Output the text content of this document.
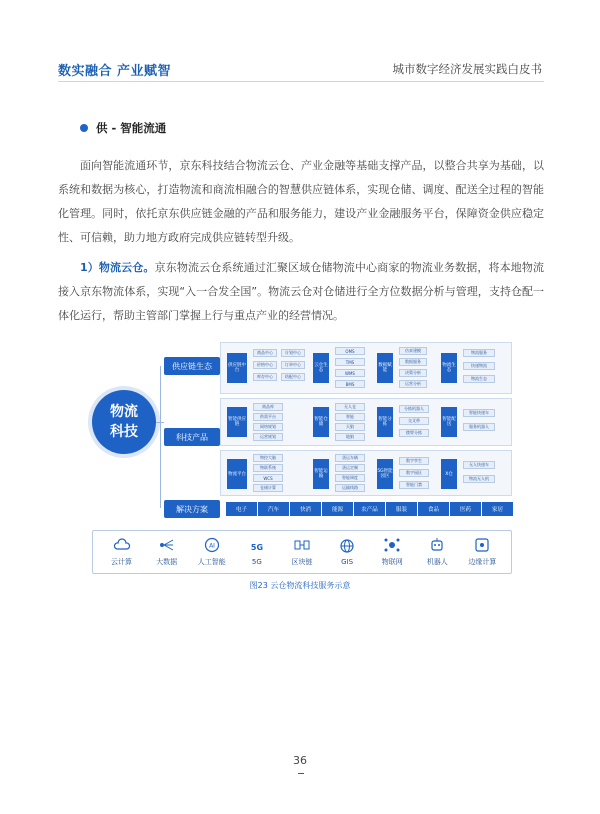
数实融合 产业赋智	城市数字经济发展实践白皮书
供 - 智能流通

面向智能流通环节，京东科技结合物流云仓、产业金融等基础支撑产品，以整合共享为基础，以系统和数据为核心，打造物流和商流相融合的智慧供应链体系，实现仓储、调度、配送全过程的智能化管理。同时，依托京东供应链金融的产品和服务能力，建设产业金融服务平台，保障资金供应稳定性、可信赖，助力地方政府完成供应链转型升级。

1）物流云仓。京东物流云仓系统通过汇聚区域仓储物流中心商家的物流业务数据，将本地物流接入京东物流体系，实现“入一合发全国”。物流云仓对仓储进行全方位数据分析与管理，支持仓配一体化运行，帮助主管部门掌握上行与重点产业的经营情况。

物流
科技
供应链生态
科技产品
解决方案
供应链中台
商品中心	计划中心
价格中心	订单中心
库存中心	结配中心
云仓生态
OMS
TMS
WMS
BMS
数据赋能
仿真建模
数据服务
决策分析
运营分析
物流生态
物流服务
快递物流
物流生态
智能供应链
商品库
供需平台
网络规划
运营规划
智能仓储
无人仓
智能
天狼
地狼
智能分拣
分拣机器人
交叉带
摆臂分拣
智能配送
智能快递车
服务机器人
物流平台
物控大脑
物联系统
WCS
仓储计算
智能运输
货运车辆
货运定制
智能调度
运输线路
5G智能园区
数字孪生
数字园区
智能门禁
X仓
无人快递车
物流无人机
电子	汽车	快消	能源	农产品	服装	食品	医药	家居
云计算	大数据
AI
人工智能
5G
5G	区块链	GIS	物联网	机器人	边缘计算
图23 云仓物流科技服务示意
36
